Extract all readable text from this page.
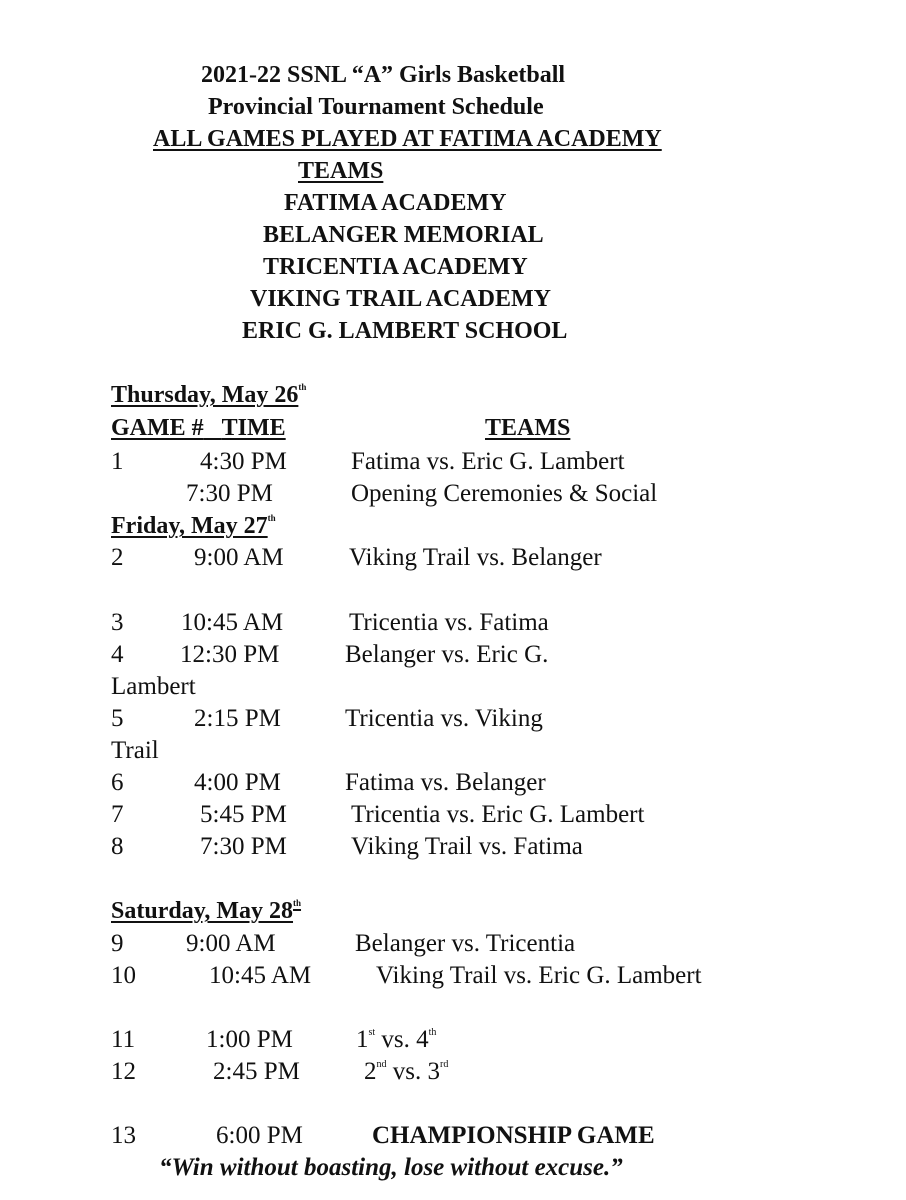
2021-22 SSNL “A” Girls Basketball
Provincial Tournament Schedule
ALL GAMES PLAYED AT FATIMA ACADEMY
TEAMS
FATIMA ACADEMY
BELANGER MEMORIAL
TRICENTIA ACADEMY
VIKING TRAIL ACADEMY
ERIC G. LAMBERT SCHOOL
Thursday, May 26th
GAME # TIME	TEAMS
1	4:30 PM	Fatima vs. Eric G. Lambert
7:30 PM	Opening Ceremonies & Social
Friday, May 27th
2	9:00 AM	Viking Trail vs. Belanger
3 10:45 AM	Tricentia vs. Fatima
4 12:30 PM	Belanger vs. Eric G.
Lambert
5	2:15 PM	Tricentia vs. Viking
Trail
6	4:00 PM	Fatima vs. Belanger
7	5:45 PM	Tricentia vs. Eric G. Lambert
8	7:30 PM	Viking Trail vs. Fatima
Saturday, May 28th
9	9:00 AM	Belanger vs. Tricentia
10	10:45 AM	Viking Trail vs. Eric G. Lambert
11	1:00 PM	1st vs. 4th
12	2:45 PM	2nd vs. 3rd
13	6:00 PM	CHAMPIONSHIP GAME
“Win without boasting, lose without excuse.”
